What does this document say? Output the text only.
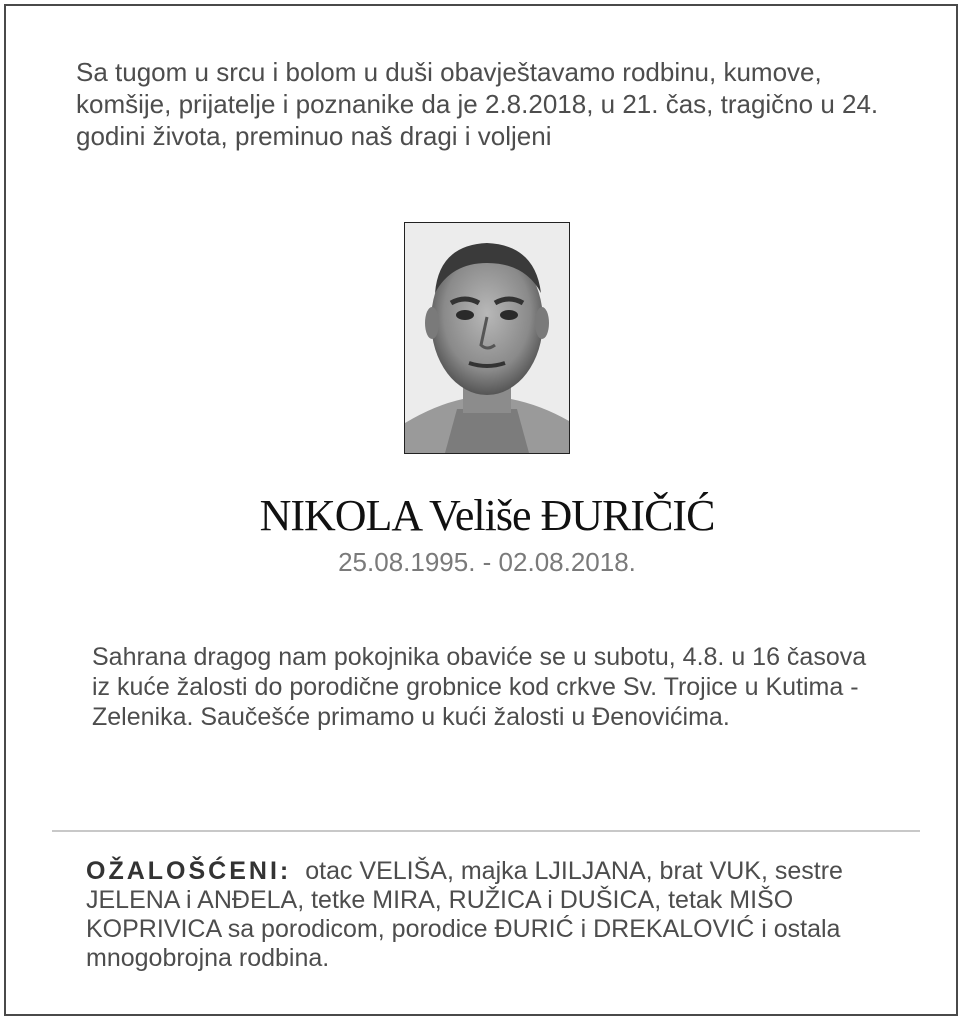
Sa tugom u srcu i bolom u duši obavještavamo rodbinu, kumove, komšije, prijatelje i poznanike da je 2.8.2018, u 21. čas, tragično u 24. godini života, preminuo naš dragi i voljeni
NIKOLA Veliše ĐURIČIĆ
25.08.1995. - 02.08.2018.
Sahrana dragog nam pokojnika obaviće se u subotu, 4.8. u 16 časova iz kuće žalosti do porodične grobnice kod crkve Sv. Trojice u Kutima - Zelenika. Saučešće primamo u kući žalosti u Đenovićima.
OŽALOŠĆENI: otac VELIŠA, majka LJILJANA, brat VUK, sestre JELENA i ANĐELA, tetke MIRA, RUŽICA i DUŠICA, tetak MIŠO KOPRIVICA sa porodicom, porodice ĐURIĆ i DREKALOVIĆ i ostala mnogobrojna rodbina.
